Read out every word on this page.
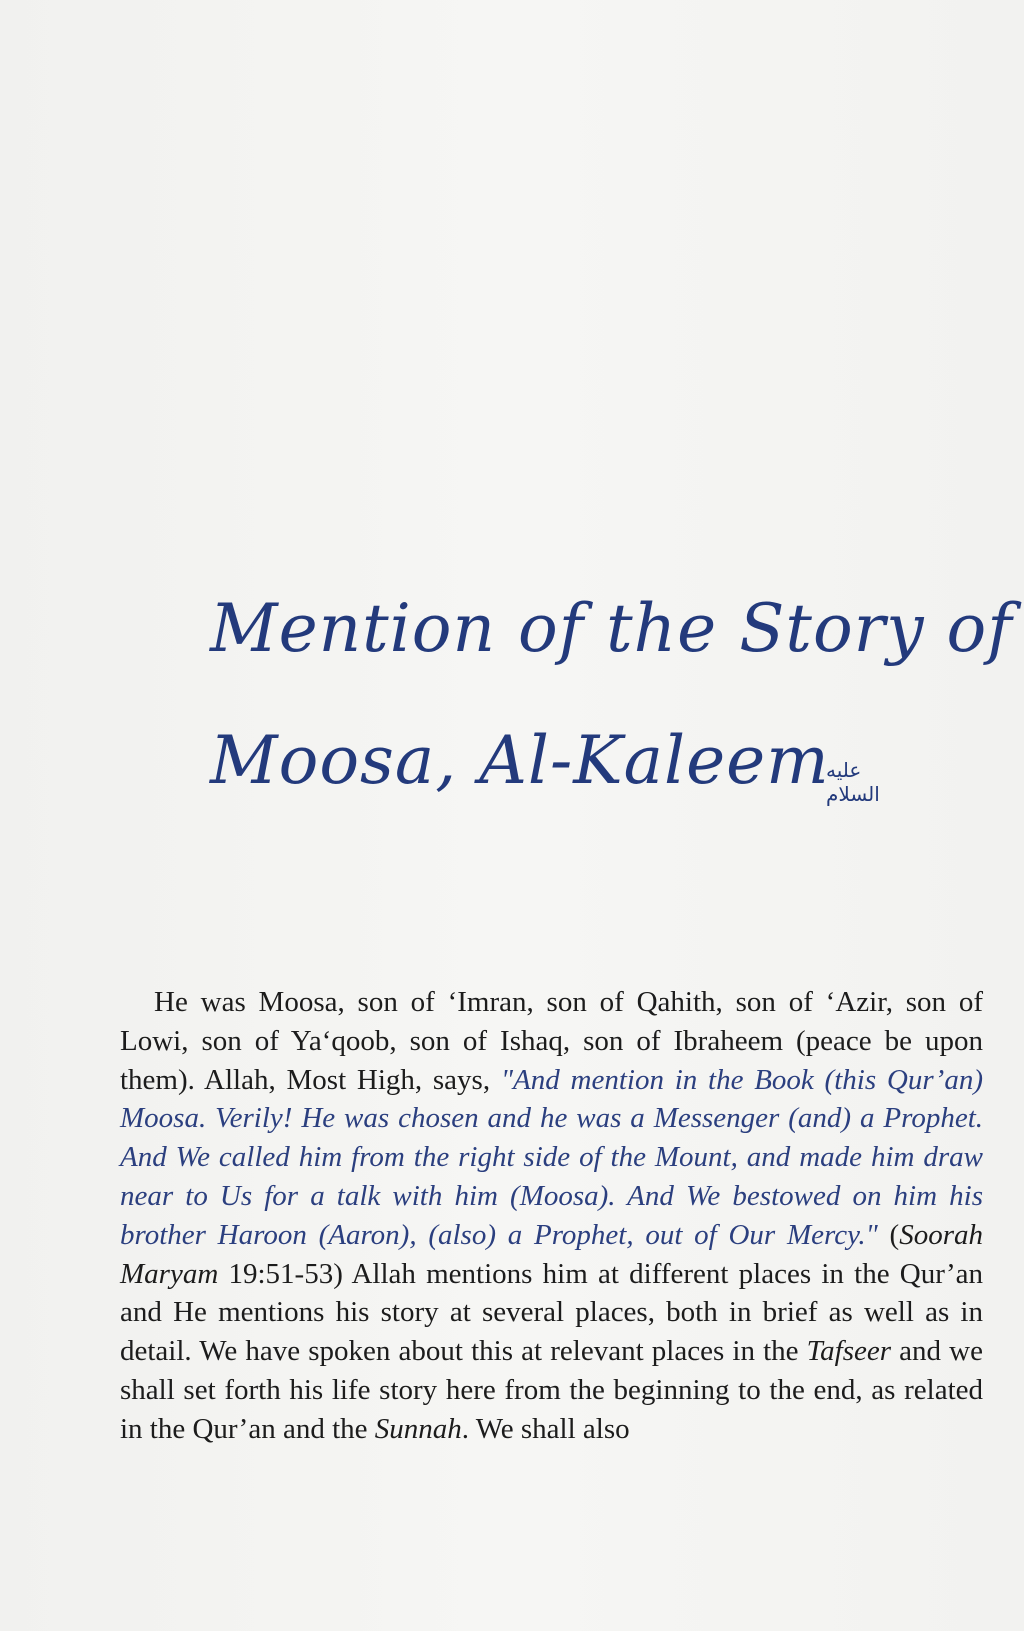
Mention of the Story of
Moosa, Al-Kaleem
عليه السلام
He was Moosa, son of ‘Imran, son of Qahith, son of ‘Azir, son of Lowi, son of Ya‘qoob, son of Ishaq, son of Ibraheem (peace be upon them). Allah, Most High, says, "And mention in the Book (this Qur’an) Moosa. Verily! He was chosen and he was a Messenger (and) a Prophet. And We called him from the right side of the Mount, and made him draw near to Us for a talk with him (Moosa). And We bestowed on him his brother Haroon (Aaron), (also) a Prophet, out of Our Mercy." (Soorah Maryam 19:51-53) Allah mentions him at different places in the Qur’an and He mentions his story at several places, both in brief as well as in detail. We have spoken about this at relevant places in the Tafseer and we shall set forth his life story here from the beginning to the end, as related in the Qur’an and the Sunnah. We shall also
